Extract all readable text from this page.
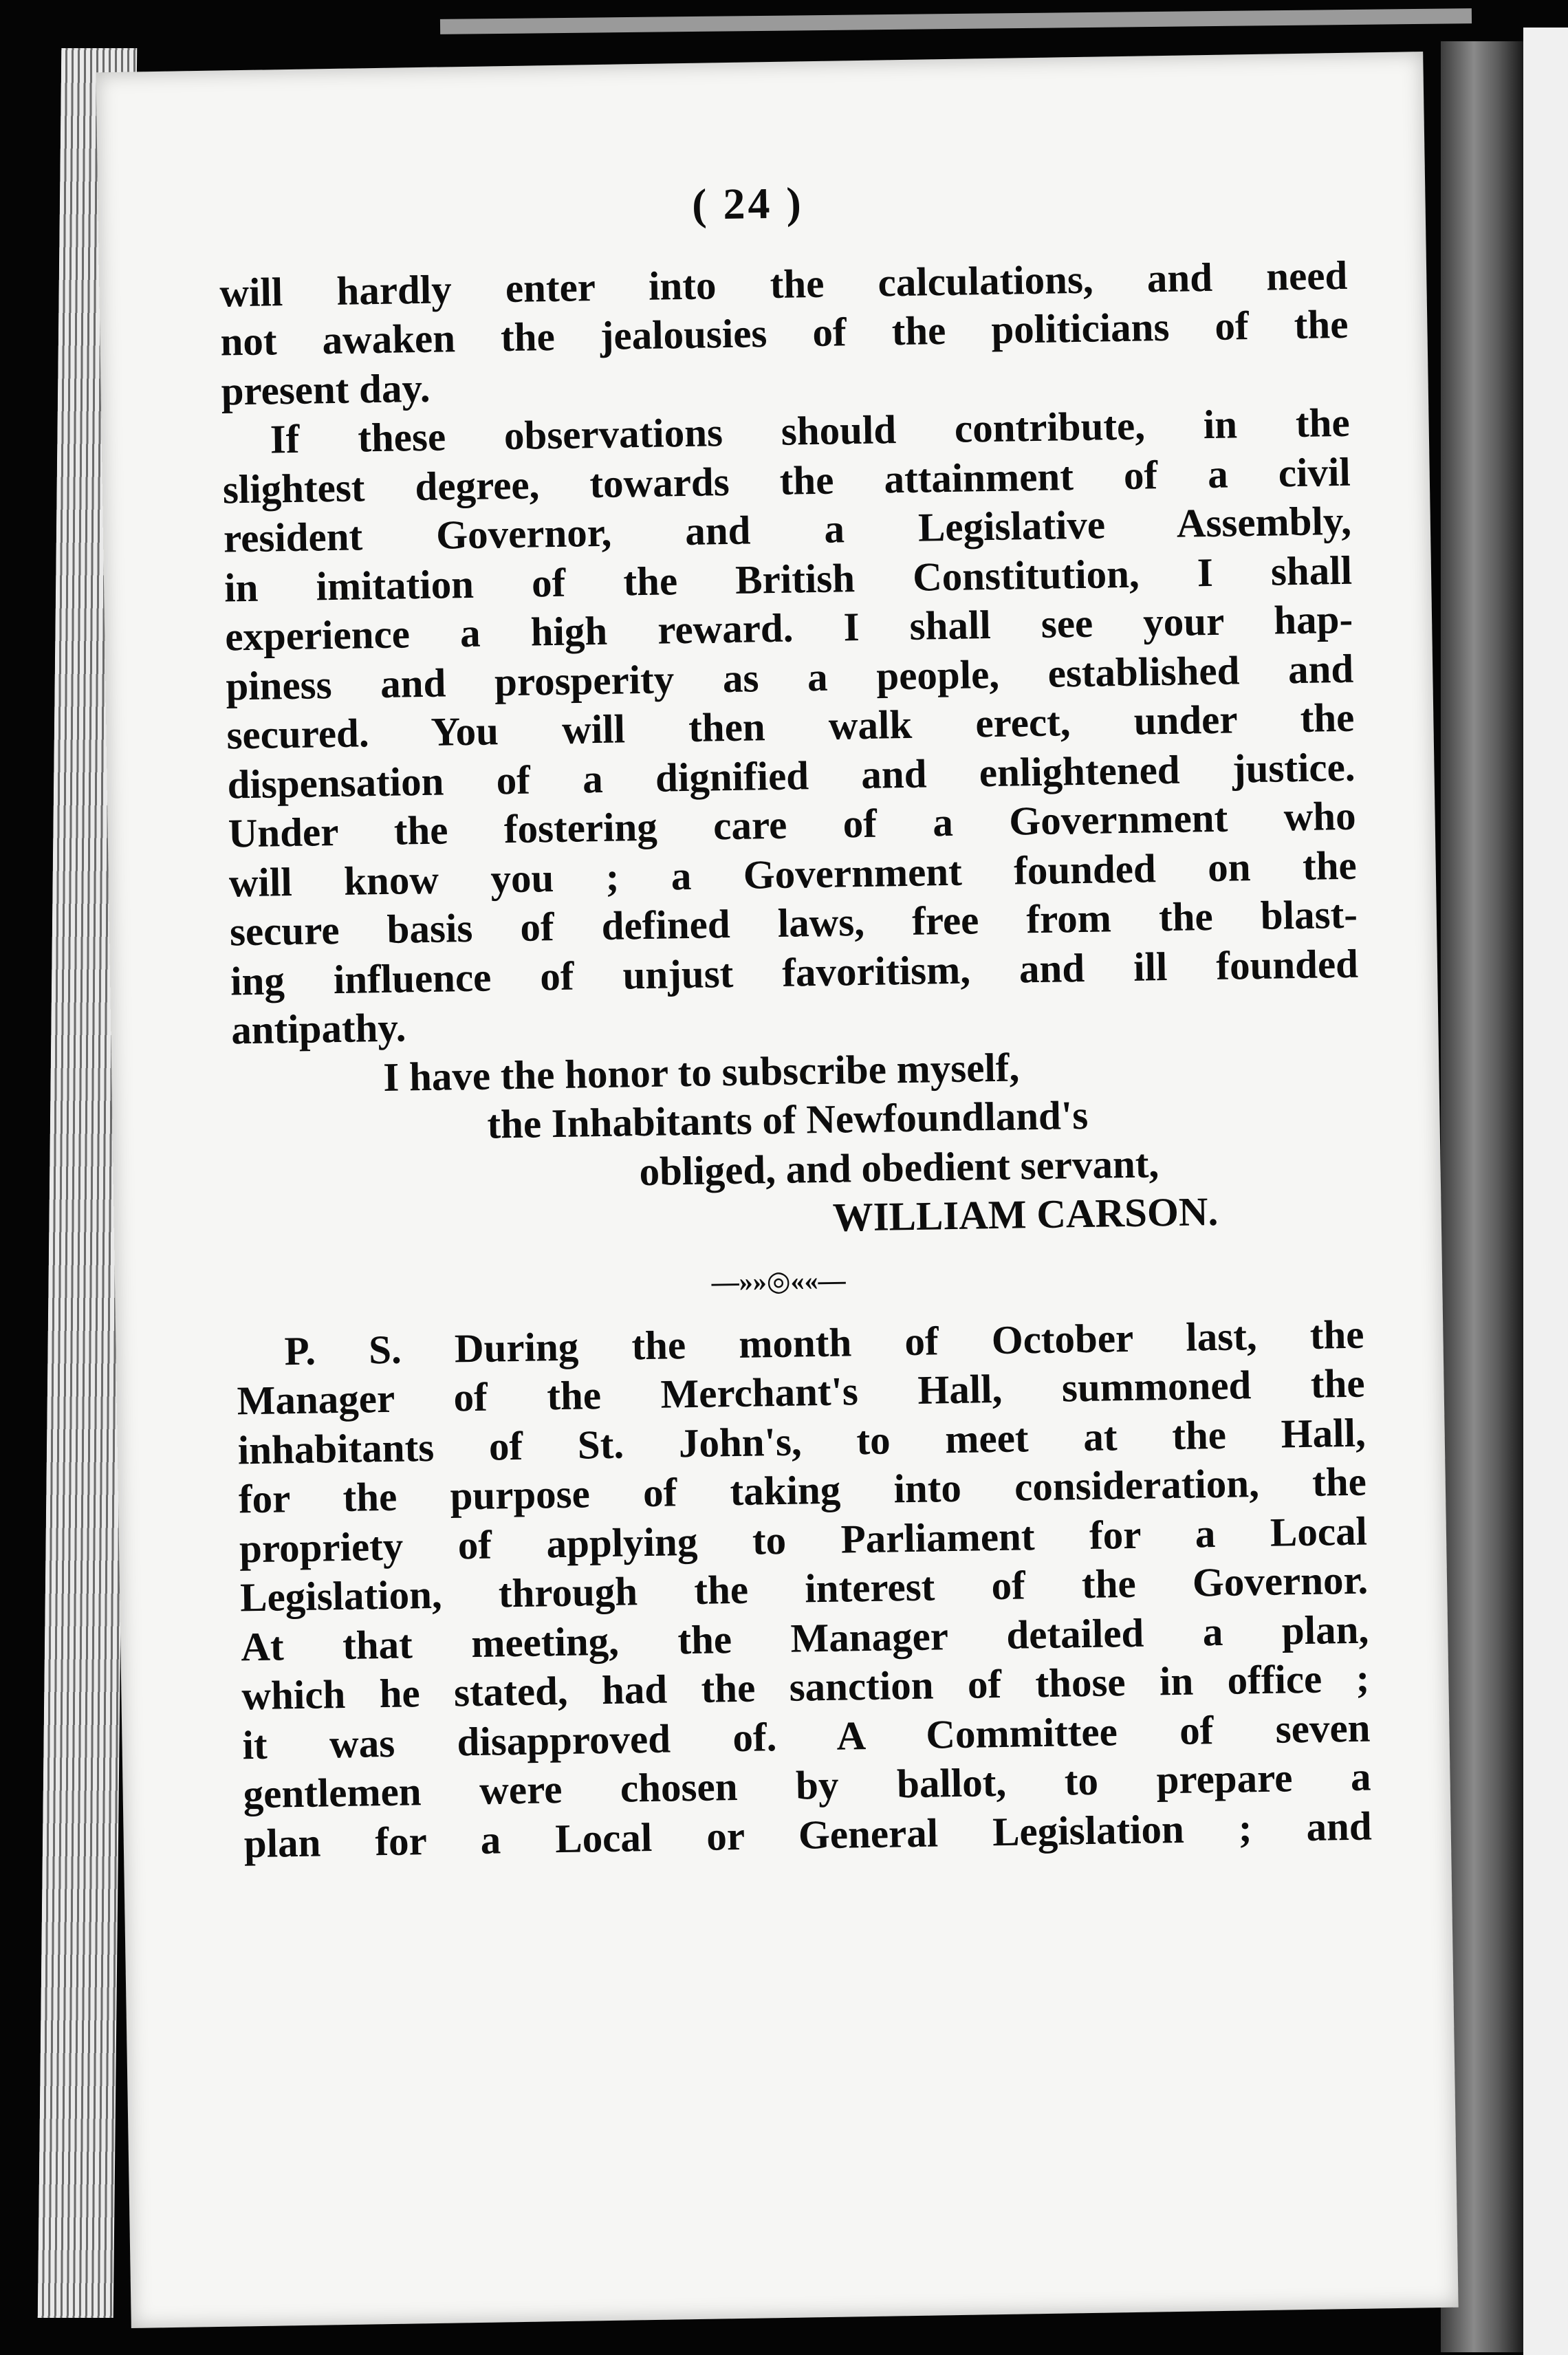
( 24 )
will hardly enter into the calculations, and need
not awaken the jealousies of the politicians of the
present day.
If these observations should contribute, in the
slightest degree, towards the attainment of a civil
resident Governor, and a Legislative Assembly,
in imitation of the British Constitution, I shall
experience a high reward. I shall see your hap-
piness and prosperity as a people, established and
secured. You will then walk erect, under the
dispensation of a dignified and enlightened justice.
Under the fostering care of a Government who
will know you ; a Government founded on the
secure basis of defined laws, free from the blast-
ing influence of unjust favoritism, and ill founded
antipathy.
I have the honor to subscribe myself,
the Inhabitants of Newfoundland's
obliged, and obedient servant,
WILLIAM CARSON.
—»»◎««—
P. S. During the month of October last, the
Manager of the Merchant's Hall, summoned the
inhabitants of St. John's, to meet at the Hall,
for the purpose of taking into consideration, the
propriety of applying to Parliament for a Local
Legislation, through the interest of the Governor.
At that meeting, the Manager detailed a plan,
which he stated, had the sanction of those in office ;
it was disapproved of. A Committee of seven
gentlemen were chosen by ballot, to prepare a
plan for a Local or General Legislation ; and
